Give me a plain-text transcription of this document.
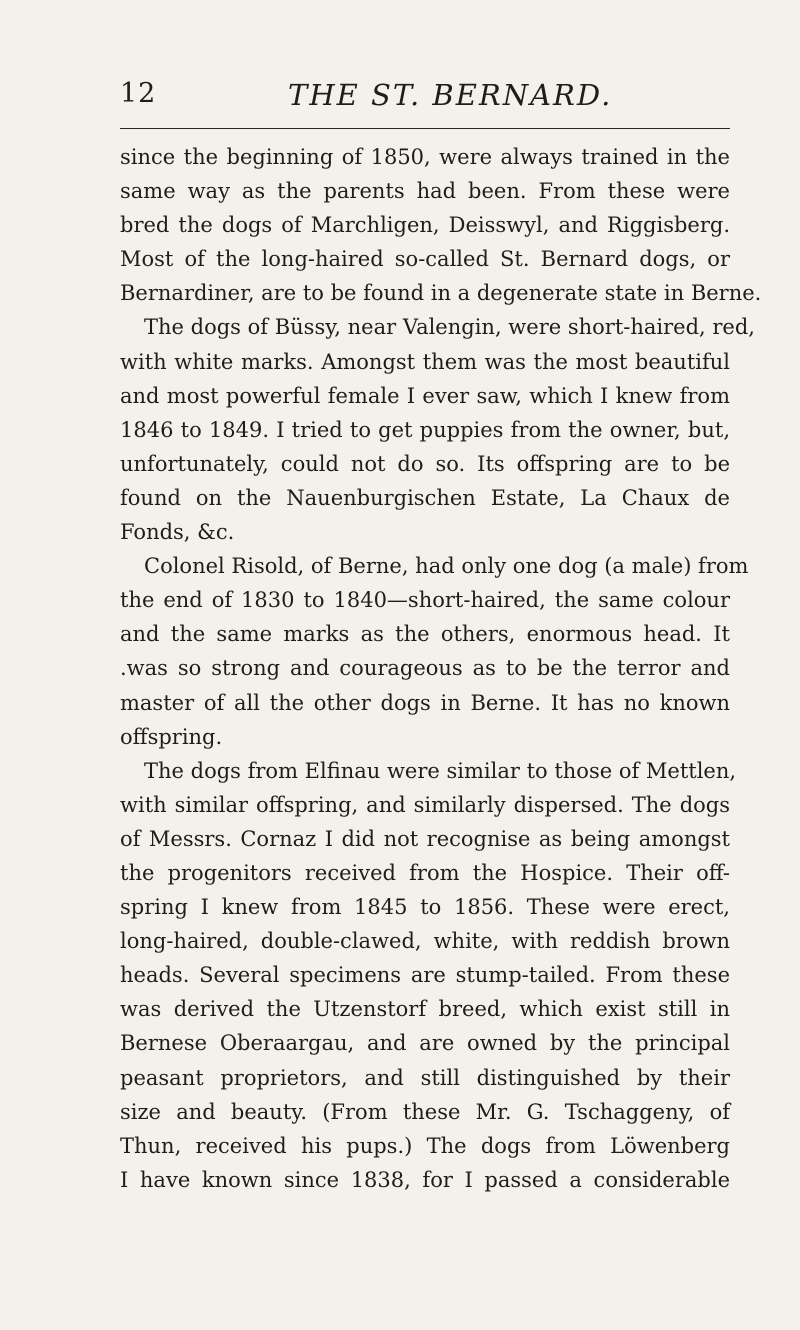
12	THE ST. BERNARD.
since the beginning of 1850, were always trained in the
same way as the parents had been. From these were
bred the dogs of Marchligen, Deisswyl, and Riggisberg.
Most of the long-haired so-called St. Bernard dogs, or
Bernardiner, are to be found in a degenerate state in Berne.
The dogs of Büssy, near Valengin, were short-haired, red,
with white marks. Amongst them was the most beautiful
and most powerful female I ever saw, which I knew from
1846 to 1849. I tried to get puppies from the owner, but,
unfortunately, could not do so. Its offspring are to be
found on the Nauenburgischen Estate, La Chaux de
Fonds, &c.
Colonel Risold, of Berne, had only one dog (a male) from
the end of 1830 to 1840—short-haired, the same colour
and the same marks as the others, enormous head. It
.was so strong and courageous as to be the terror and
master of all the other dogs in Berne. It has no known
offspring.
The dogs from Elfinau were similar to those of Mettlen,
with similar offspring, and similarly dispersed. The dogs
of Messrs. Cornaz I did not recognise as being amongst
the progenitors received from the Hospice. Their off-
spring I knew from 1845 to 1856. These were erect,
long-haired, double-clawed, white, with reddish brown
heads. Several specimens are stump-tailed. From these
was derived the Utzenstorf breed, which exist still in
Bernese Oberaargau, and are owned by the principal
peasant proprietors, and still distinguished by their
size and beauty. (From these Mr. G. Tschaggeny, of
Thun, received his pups.) The dogs from Löwenberg
I have known since 1838, for I passed a considerable
